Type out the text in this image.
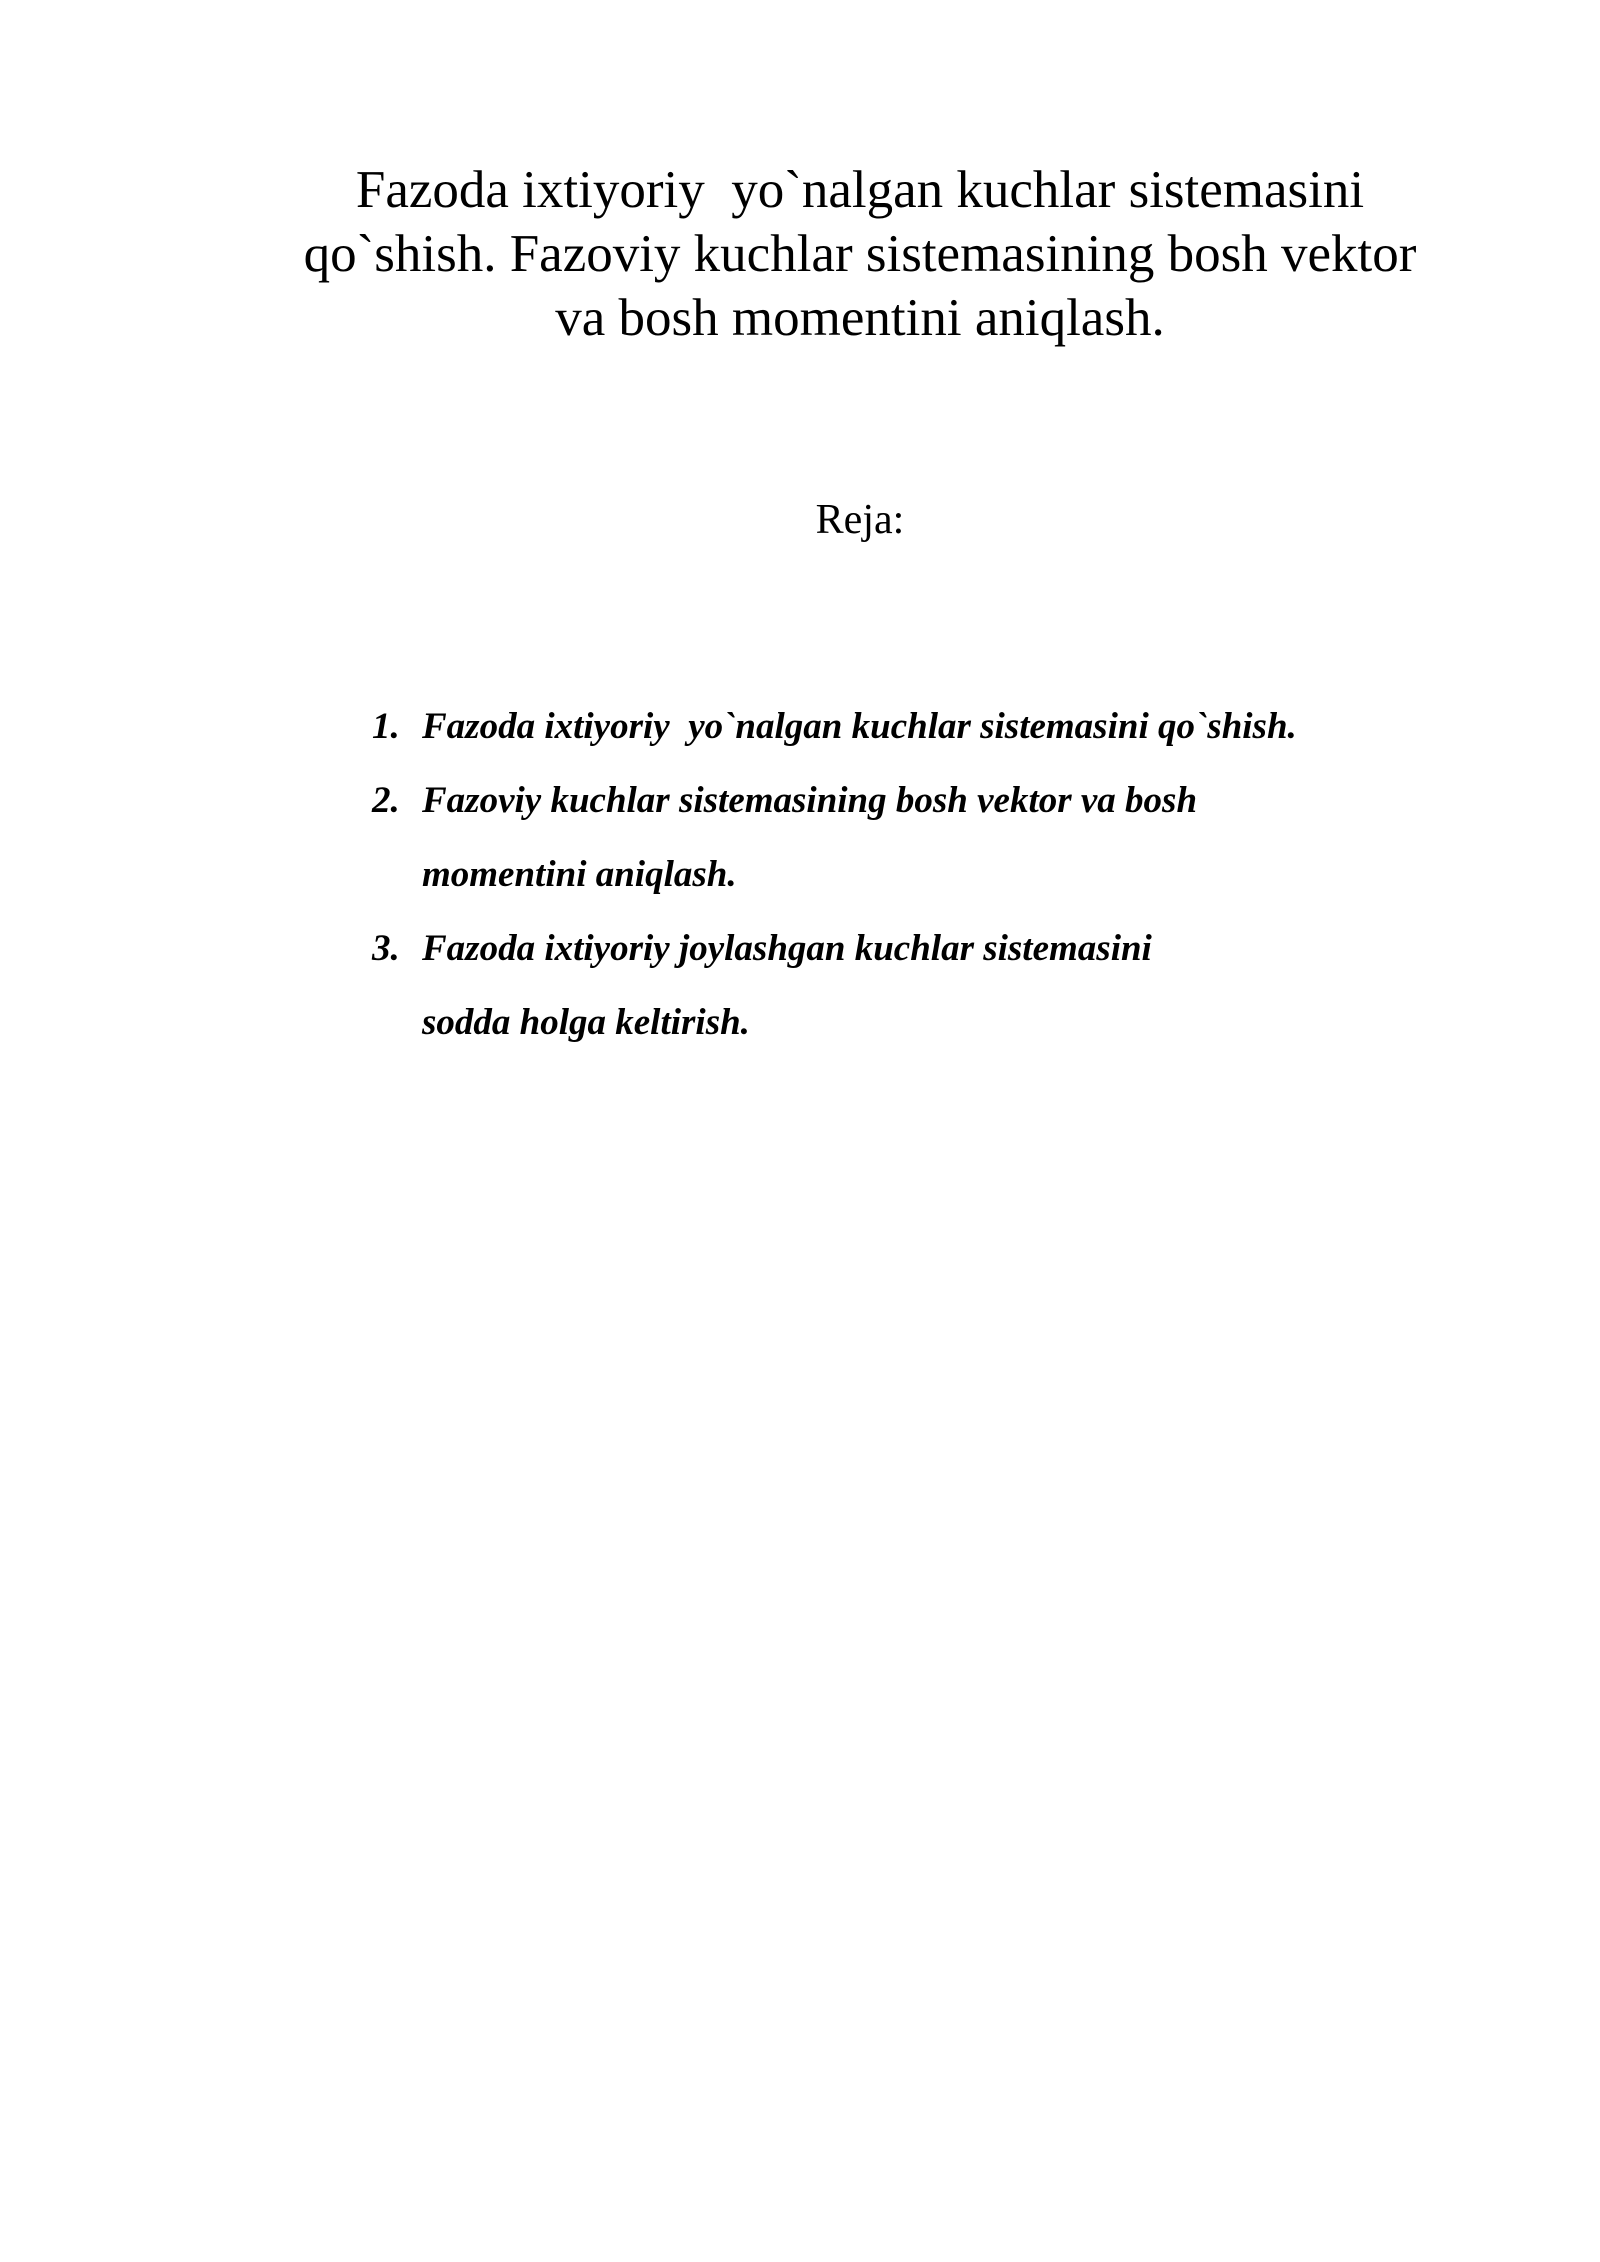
Fazoda ixtiyoriy  yo`nalgan kuchlar sistemasini
qo`shish. Fazoviy kuchlar sistemasining bosh vektor
va bosh momentini aniqlash.

Reja:

1. Fazoda ixtiyoriy  yo`nalgan kuchlar sistemasini qo`shish.
2. Fazoviy kuchlar sistemasining bosh vektor va bosh
momentini aniqlash.
3. Fazoda ixtiyoriy joylashgan kuchlar sistemasini
sodda holga keltirish.
